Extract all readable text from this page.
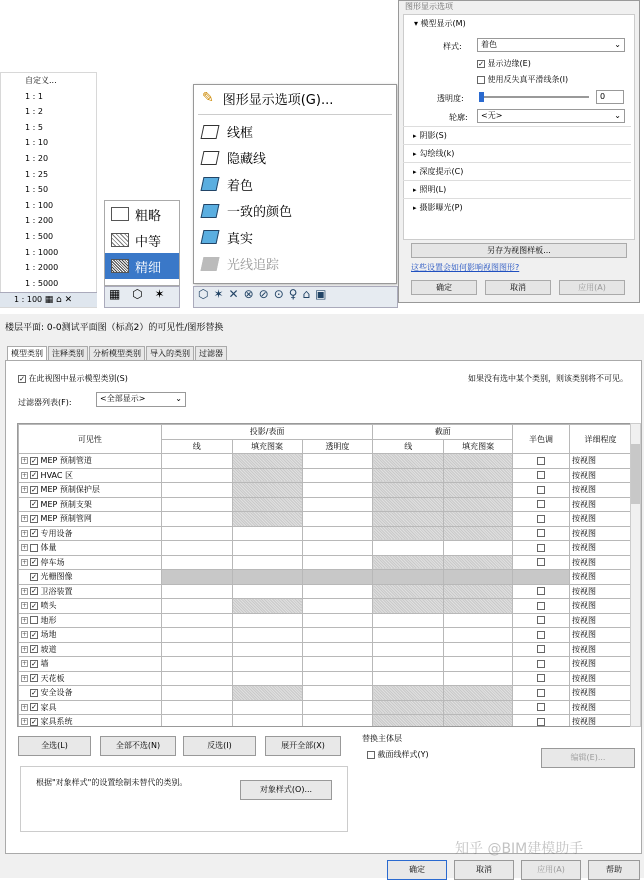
自定义...
1 : 1
1 : 2
1 : 5
1 : 10
1 : 20
1 : 25
1 : 50
1 : 100
1 : 200
1 : 500
1 : 1000
1 : 2000
1 : 5000
1 : 100 ▦ ⌂ ✕
粗略
中等
精细
▦ ⬡ ✶
✎ 图形显示选项(G)...
线框
隐藏线
着色
一致的颜色
真实
光线追踪
⬡✶✕⊗⊘⊙♀⌂▣
图形显示选项
▾ 模型显示(M)
样式:	着色	⌄
✓ 显示边缘(E)
使用反失真平滑线条(I)
透明度:	0
轮廓:	<无>	⌄
▸ 阴影(S)
▸ 勾绘线(k)
▸ 深度提示(C)
▸ 照明(L)
▸ 摄影曝光(P)
另存为视图样板...
这些设置会如何影响视图图形?
确定	取消	应用(A)
楼层平面: 0-0测试平面图（标高2）的可见性/图形替换
模型类别	注释类别	分析模型类别	导入的类别	过滤器
✓ 在此视图中显示模型类别(S)	如果没有选中某个类别，则该类别将不可见。
过滤器列表(F):	<全部显示>	⌄
可见性	投影/表面			截面		半色调	详细程度
	线	填充图案	透明度	线	填充图案		
+ ✓ MEP 预制管道							按视图
+ ✓ HVAC 区							按视图
+ ✓ MEP 预制保护层							按视图
✓ MEP 预制支架							按视图
+ ✓ MEP 预制管网							按视图
+ ✓ 专用设备							按视图
+ 体量							按视图
+ ✓ 停车场							按视图
✓ 光栅图像							按视图
+ ✓ 卫浴装置							按视图
+ ✓ 喷头							按视图
+ 地形							按视图
+ ✓ 场地							按视图
+ ✓ 坡道							按视图
+ ✓ 墙							按视图
+ ✓ 天花板							按视图
✓ 安全设备							按视图
+ ✓ 家具							按视图
+ ✓ 家具系统							按视图
全选(L)	全部不选(N)	反选(I)	展开全部(X)
替换主体层
截面线样式(Y)	编辑(E)...
根据"对象样式"的设置绘制未替代的类别。
对象样式(O)...
确定	取消	应用(A)	帮助
知乎 @BIM建模助手
